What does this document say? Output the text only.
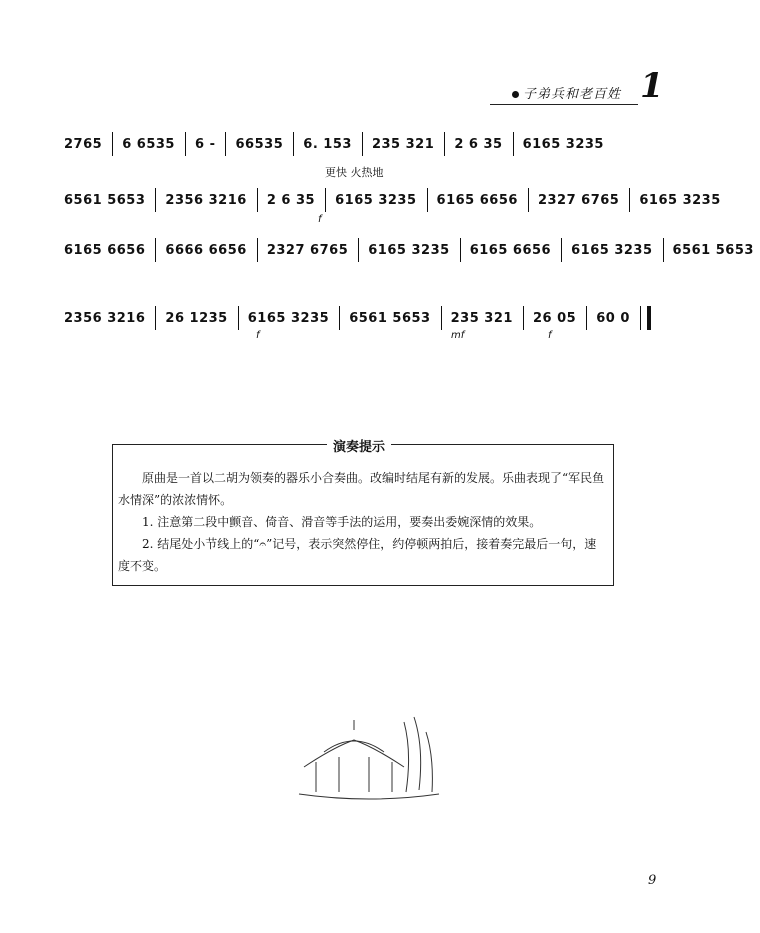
子弟兵和老百姓 1
2765 6 6535 6 - 66535 6. 153 235 321 2 6 35 6165 3235
更快 火热地
6561 5653 2356 3216 2 6 35 6165 3235 6165 6656 2327 6765 6165 3235
f
6165 6656 6666 6656 2327 6765 6165 3235 6165 6656 6165 3235 6561 5653
2356 3216 26 1235 6165 3235 6561 5653 235 321 26 05 60 0
f	mf	f
演奏提示
原曲是一首以二胡为领奏的器乐小合奏曲。改编时结尾有新的发展。乐曲表现了“军民鱼水情深”的浓浓情怀。
1. 注意第二段中颤音、倚音、滑音等手法的运用，要奏出委婉深情的效果。
2. 结尾处小节线上的“𝄐”记号，表示突然停住，约停顿两拍后，接着奏完最后一句，速度不变。
9
